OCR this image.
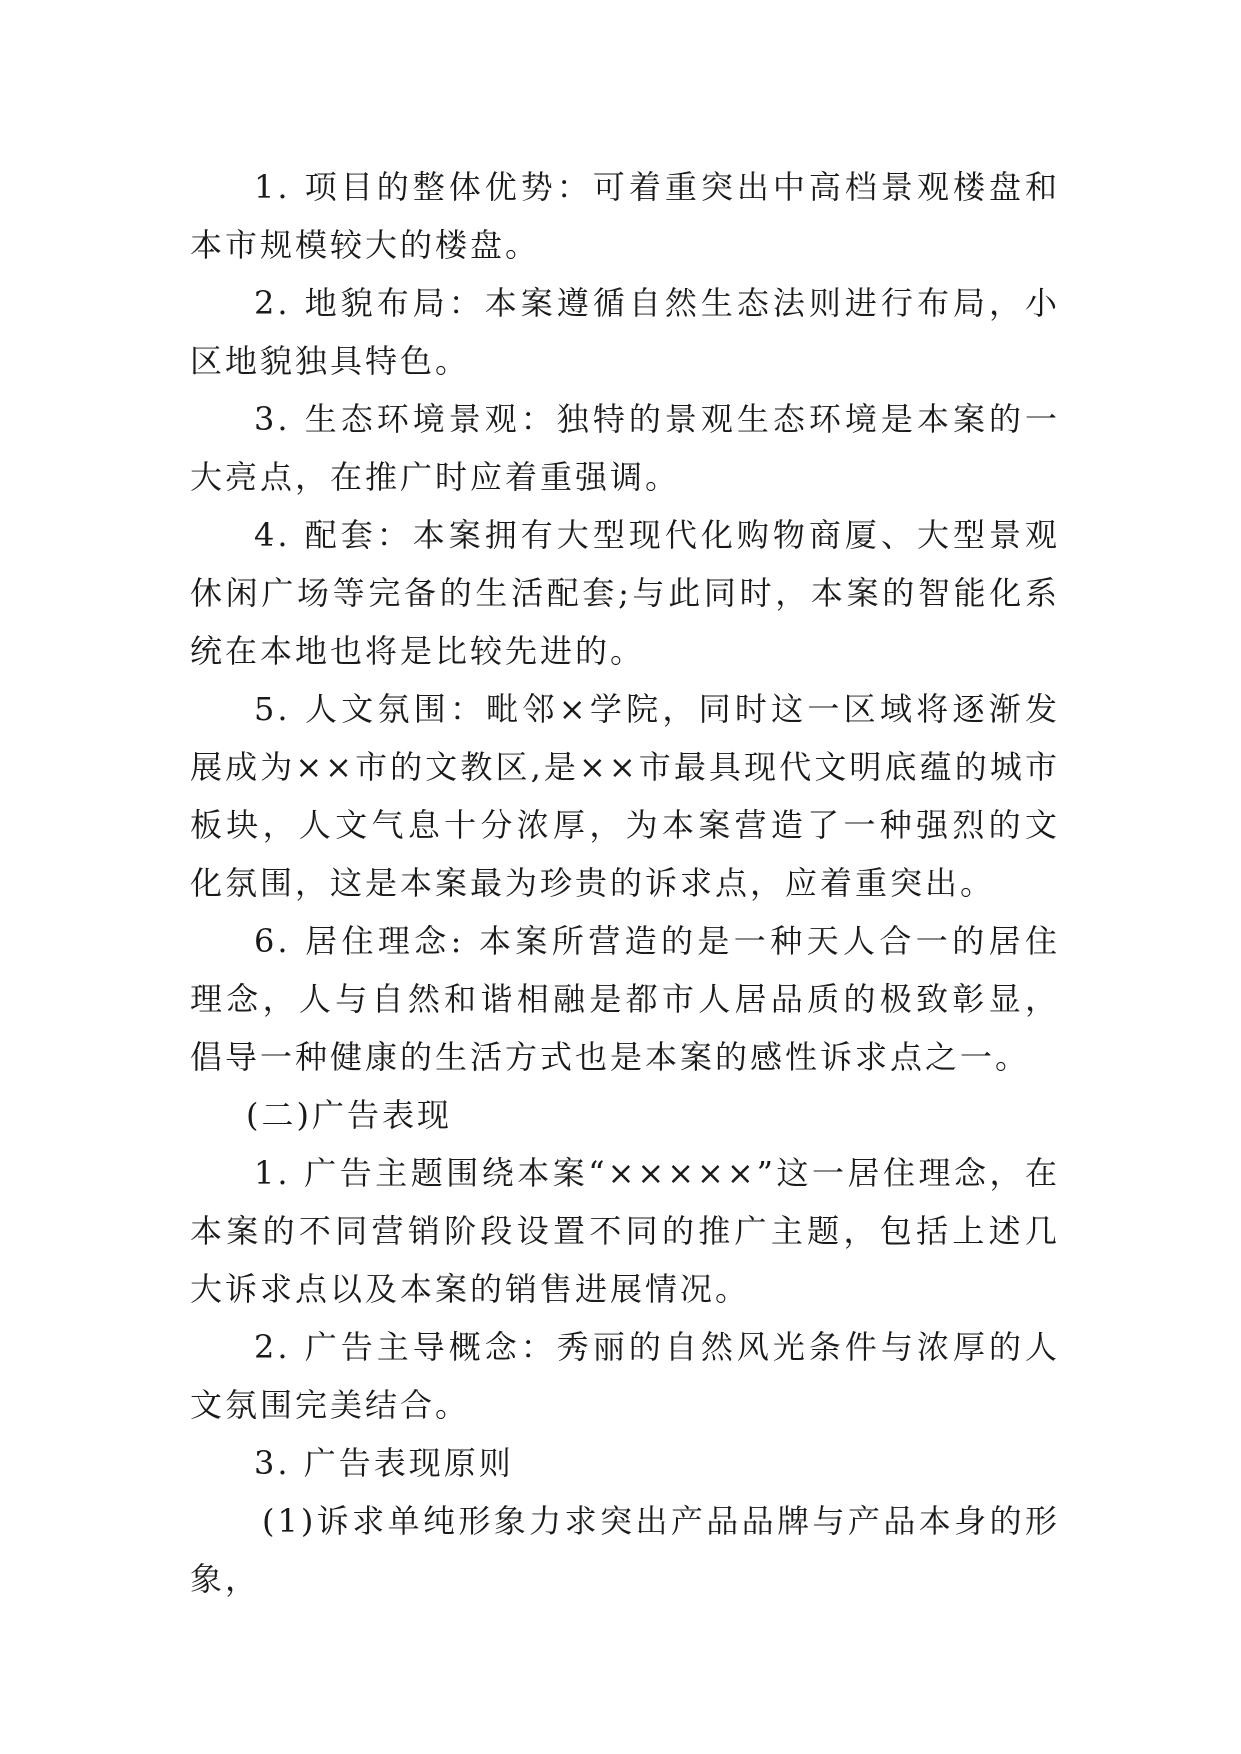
1. 项目的整体优势：可着重突出中高档景观楼盘和本市规模较大的楼盘。

2. 地貌布局：本案遵循自然生态法则进行布局，小区地貌独具特色。

3. 生态环境景观：独特的景观生态环境是本案的一大亮点，在推广时应着重强调。

4. 配套：本案拥有大型现代化购物商厦、大型景观休闲广场等完备的生活配套;与此同时，本案的智能化系统在本地也将是比较先进的。

5. 人文氛围：毗邻×学院，同时这一区域将逐渐发展成为××市的文教区,是××市最具现代文明底蕴的城市板块，人文气息十分浓厚，为本案营造了一种强烈的文化氛围，这是本案最为珍贵的诉求点，应着重突出。

6. 居住理念: 本案所营造的是一种天人合一的居住理念，人与自然和谐相融是都市人居品质的极致彰显，倡导一种健康的生活方式也是本案的感性诉求点之一。

(二)广告表现

1. 广告主题围绕本案“×××××”这一居住理念，在本案的不同营销阶段设置不同的推广主题，包括上述几大诉求点以及本案的销售进展情况。

2. 广告主导概念：秀丽的自然风光条件与浓厚的人文氛围完美结合。

3. 广告表现原则

(1)诉求单纯形象力求突出产品品牌与产品本身的形象，
